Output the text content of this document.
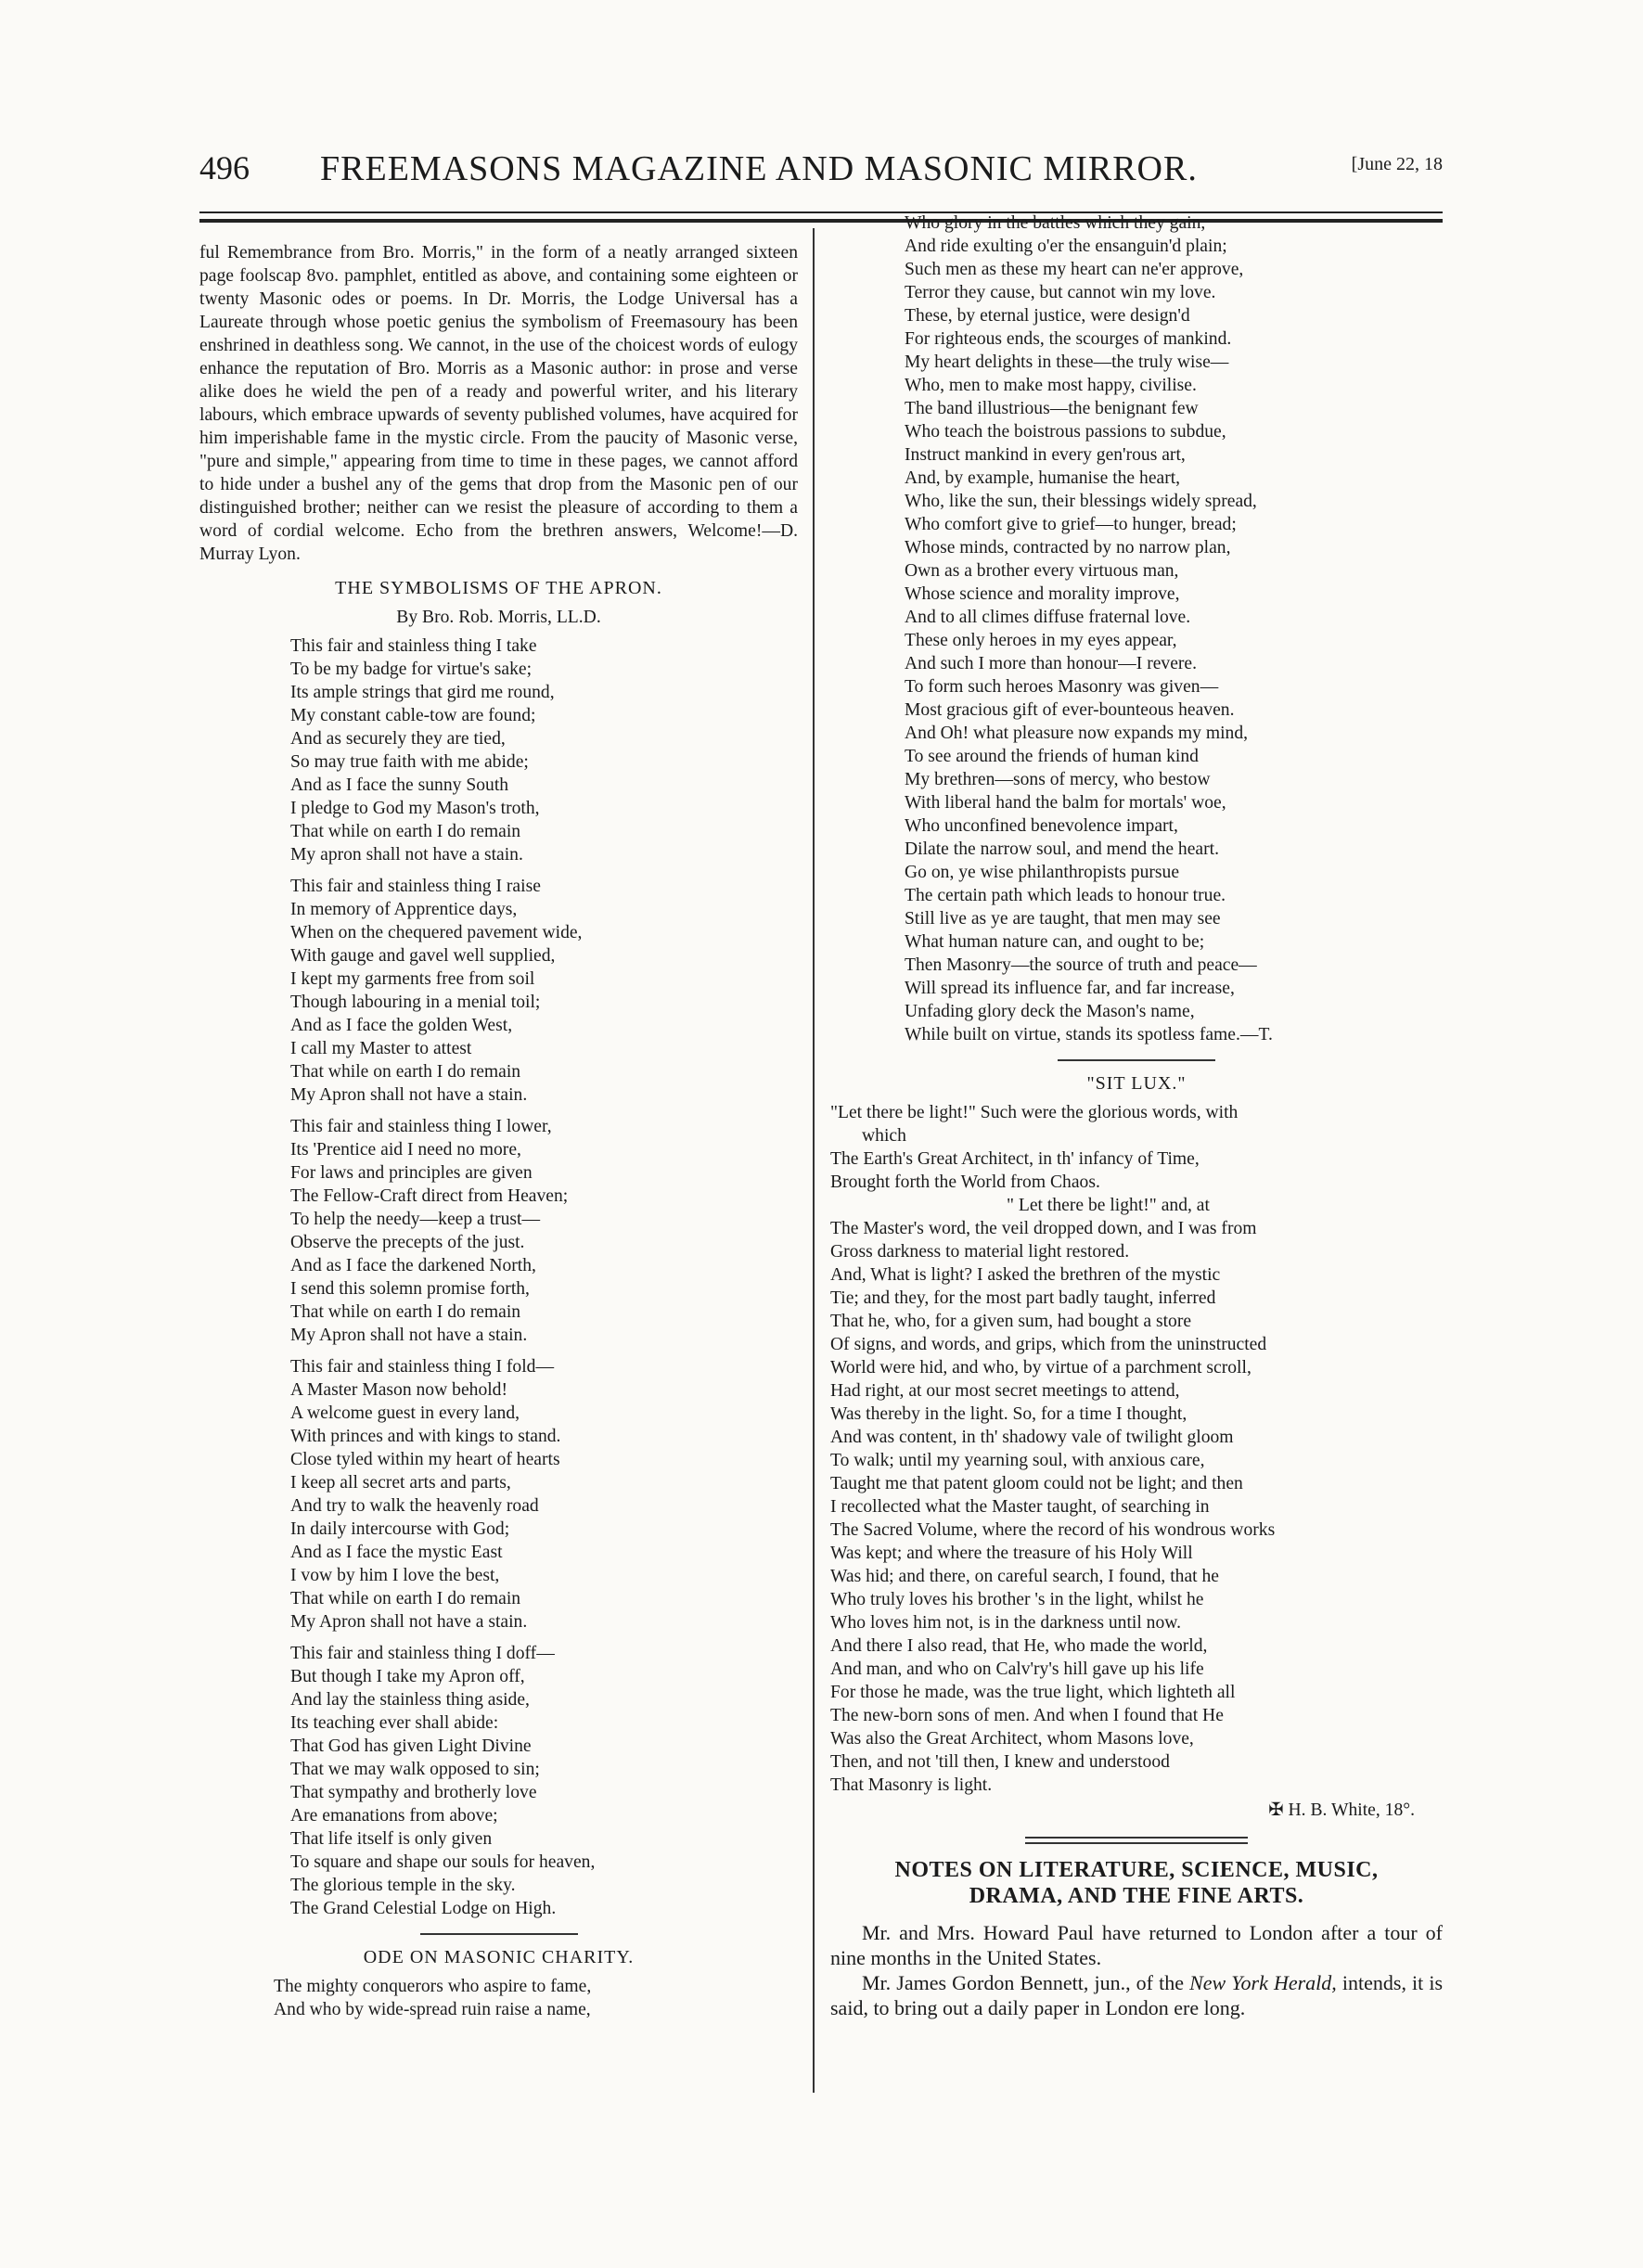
496 FREEMASONS MAGAZINE AND MASONIC MIRROR.	[June 22, 18

ful Remembrance from Bro. Morris," in the form of a neatly arranged sixteen page foolscap 8vo. pamphlet, entitled as above, and containing some eighteen or twenty Masonic odes or poems. In Dr. Morris, the Lodge Universal has a Laureate through whose poetic genius the symbolism of Freemasoury has been enshrined in deathless song. We cannot, in the use of the choicest words of eulogy enhance the reputation of Bro. Morris as a Masonic author: in prose and verse alike does he wield the pen of a ready and powerful writer, and his literary labours, which embrace upwards of seventy published volumes, have acquired for him imperishable fame in the mystic circle. From the paucity of Masonic verse, "pure and simple," appearing from time to time in these pages, we cannot afford to hide under a bushel any of the gems that drop from the Masonic pen of our distinguished brother; neither can we resist the pleasure of according to them a word of cordial welcome. Echo from the brethren answers, Welcome!—D. Murray Lyon.

THE SYMBOLISMS OF THE APRON.
By Bro. Rob. Morris, LL.D.
This fair and stainless thing I take
To be my badge for virtue's sake;
Its ample strings that gird me round,
My constant cable-tow are found;
And as securely they are tied,
So may true faith with me abide;
And as I face the sunny South
I pledge to God my Mason's troth,
That while on earth I do remain
My apron shall not have a stain.
This fair and stainless thing I raise
In memory of Apprentice days,
When on the chequered pavement wide,
With gauge and gavel well supplied,
I kept my garments free from soil
Though labouring in a menial toil;
And as I face the golden West,
I call my Master to attest
That while on earth I do remain
My Apron shall not have a stain.
This fair and stainless thing I lower,
Its 'Prentice aid I need no more,
For laws and principles are given
The Fellow-Craft direct from Heaven;
To help the needy—keep a trust—
Observe the precepts of the just.
And as I face the darkened North,
I send this solemn promise forth,
That while on earth I do remain
My Apron shall not have a stain.
This fair and stainless thing I fold—
A Master Mason now behold!
A welcome guest in every land,
With princes and with kings to stand.
Close tyled within my heart of hearts
I keep all secret arts and parts,
And try to walk the heavenly road
In daily intercourse with God;
And as I face the mystic East
I vow by him I love the best,
That while on earth I do remain
My Apron shall not have a stain.
This fair and stainless thing I doff—
But though I take my Apron off,
And lay the stainless thing aside,
Its teaching ever shall abide:
That God has given Light Divine
That we may walk opposed to sin;
That sympathy and brotherly love
Are emanations from above;
That life itself is only given
To square and shape our souls for heaven,
The glorious temple in the sky.
The Grand Celestial Lodge on High.
ODE ON MASONIC CHARITY.
The mighty conquerors who aspire to fame,
And who by wide-spread ruin raise a name,
Who glory in the battles which they gain,
And ride exulting o'er the ensanguin'd plain;
Such men as these my heart can ne'er approve,
Terror they cause, but cannot win my love.
These, by eternal justice, were design'd
For righteous ends, the scourges of mankind.
My heart delights in these—the truly wise—
Who, men to make most happy, civilise.
The band illustrious—the benignant few
Who teach the boistrous passions to subdue,
Instruct mankind in every gen'rous art,
And, by example, humanise the heart,
Who, like the sun, their blessings widely spread,
Who comfort give to grief—to hunger, bread;
Whose minds, contracted by no narrow plan,
Own as a brother every virtuous man,
Whose science and morality improve,
And to all climes diffuse fraternal love.
These only heroes in my eyes appear,
And such I more than honour—I revere.
To form such heroes Masonry was given—
Most gracious gift of ever-bounteous heaven.
And Oh! what pleasure now expands my mind,
To see around the friends of human kind
My brethren—sons of mercy, who bestow
With liberal hand the balm for mortals' woe,
Who unconfined benevolence impart,
Dilate the narrow soul, and mend the heart.
Go on, ye wise philanthropists pursue
The certain path which leads to honour true.
Still live as ye are taught, that men may see
What human nature can, and ought to be;
Then Masonry—the source of truth and peace—
Will spread its influence far, and far increase,
Unfading glory deck the Mason's name,
While built on virtue, stands its spotless fame.—T.
"SIT LUX."
"Let there be light!" Such were the glorious words, with
which
The Earth's Great Architect, in th' infancy of Time,
Brought forth the World from Chaos.
" Let there be light!" and, at
The Master's word, the veil dropped down, and I was from
Gross darkness to material light restored.
And, What is light? I asked the brethren of the mystic
Tie; and they, for the most part badly taught, inferred
That he, who, for a given sum, had bought a store
Of signs, and words, and grips, which from the uninstructed
World were hid, and who, by virtue of a parchment scroll,
Had right, at our most secret meetings to attend,
Was thereby in the light. So, for a time I thought,
And was content, in th' shadowy vale of twilight gloom
To walk; until my yearning soul, with anxious care,
Taught me that patent gloom could not be light; and then
I recollected what the Master taught, of searching in
The Sacred Volume, where the record of his wondrous works
Was kept; and where the treasure of his Holy Will
Was hid; and there, on careful search, I found, that he
Who truly loves his brother 's in the light, whilst he
Who loves him not, is in the darkness until now.
And there I also read, that He, who made the world,
And man, and who on Calv'ry's hill gave up his life
For those he made, was the true light, which lighteth all
The new-born sons of men. And when I found that He
Was also the Great Architect, whom Masons love,
Then, and not 'till then, I knew and understood
That Masonry is light.
✠ H. B. White, 18°.
NOTES ON LITERATURE, SCIENCE, MUSIC,
DRAMA, AND THE FINE ARTS.

Mr. and Mrs. Howard Paul have returned to London after a tour of nine months in the United States.

Mr. James Gordon Bennett, jun., of the New York Herald, intends, it is said, to bring out a daily paper in London ere long.
